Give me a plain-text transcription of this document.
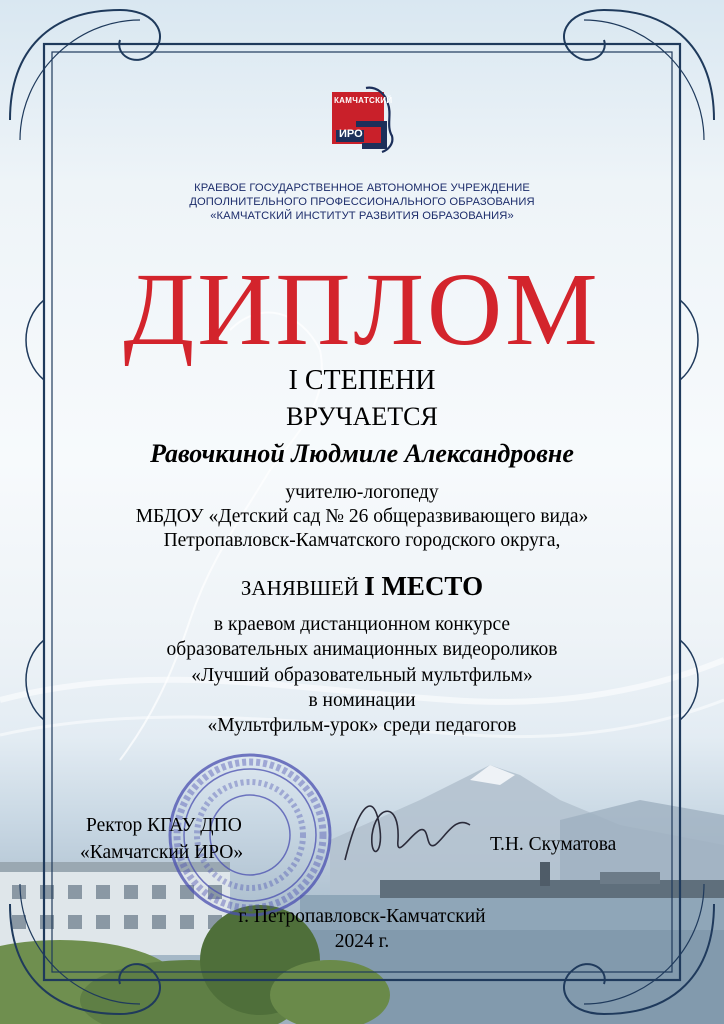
КАМЧАТСКИЙ
ИРО
КРАЕВОЕ ГОСУДАРСТВЕННОЕ АВТОНОМНОЕ УЧРЕЖДЕНИЕ
ДОПОЛНИТЕЛЬНОГО ПРОФЕССИОНАЛЬНОГО ОБРАЗОВАНИЯ
«КАМЧАТСКИЙ ИНСТИТУТ РАЗВИТИЯ ОБРАЗОВАНИЯ»
ДИПЛОМ
I СТЕПЕНИ
ВРУЧАЕТСЯ
Равочкиной Людмиле Александровне
учителю-логопеду
МБДОУ «Детский сад № 26 общеразвивающего вида»
Петропавловск-Камчатского городского округа,
ЗАНЯВШЕЙ I МЕСТО
в краевом дистанционном конкурсе
образовательных анимационных видеороликов
«Лучший образовательный мультфильм»
в номинации
«Мультфильм-урок» среди педагогов
Ректор КГАУ ДПО
«Камчатский ИРО»	Т.Н. Скуматова
г. Петропавловск-Камчатский
2024 г.
